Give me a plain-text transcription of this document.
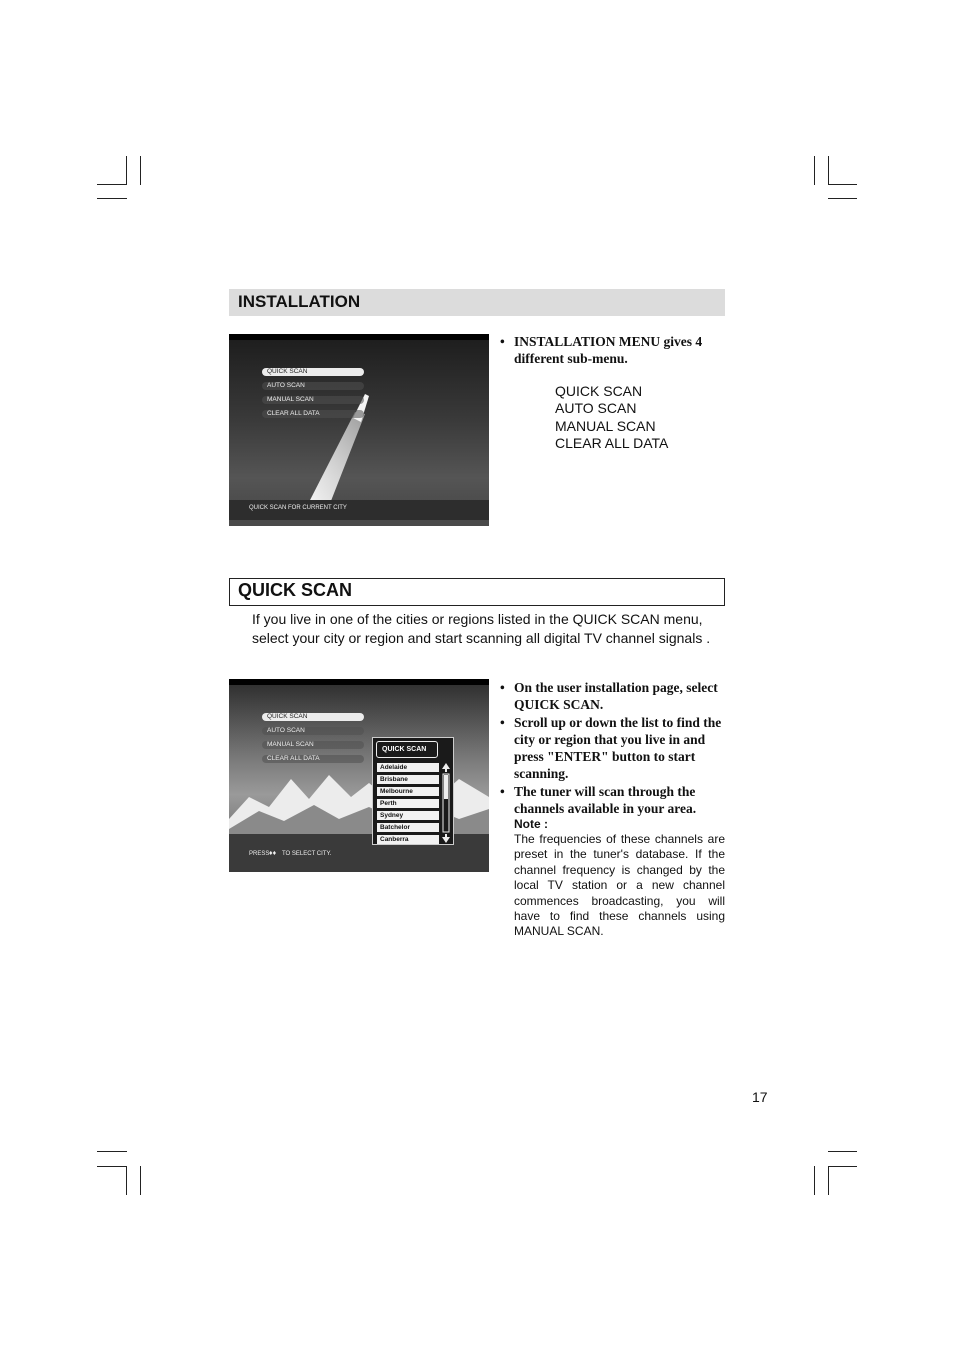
INSTALLATION
QUICK SCAN
AUTO SCAN
MANUAL SCAN
CLEAR ALL DATA
QUICK SCAN FOR CURRENT CITY
• INSTALLATION MENU gives 4 different sub-menu.
QUICK SCAN
AUTO SCAN
MANUAL SCAN
CLEAR ALL DATA
QUICK SCAN
If you live in one of the cities or regions listed in the QUICK SCAN menu,
select your city or region and start scanning all digital TV channel signals .
QUICK SCAN
AUTO SCAN
MANUAL SCAN
CLEAR ALL DATA
QUICK SCAN
Adelaide
Brisbane
Melbourne
Perth
Sydney
Batchelor
Canberra
PRESS ♦♦ TO SELECT CITY.
• On the user installation page, select QUICK SCAN.
• Scroll up or down the list to find the city or region that you live in and press "ENTER" button to start scanning.
• The tuner will scan through the channels available in your area.
Note :
The frequencies of these channels are preset in the tuner's database. If the channel frequency is changed by the local TV station or a new channel commences broadcasting, you will have to find these channels using MANUAL SCAN.
17
